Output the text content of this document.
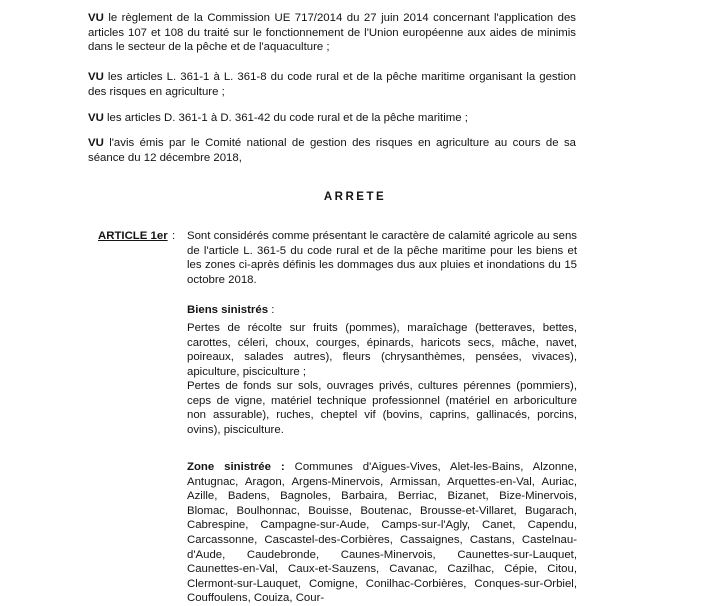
VU le règlement de la Commission UE 717/2014 du 27 juin 2014 concernant l'application des articles 107 et 108 du traité sur le fonctionnement de l'Union européenne aux aides de minimis dans le secteur de la pêche et de l'aquaculture ;

VU les articles L. 361-1 à L. 361-8 du code rural et de la pêche maritime organisant la gestion des risques en agriculture ;

VU les articles D. 361-1 à D. 361-42 du code rural et de la pêche maritime ;

VU l'avis émis par le Comité national de gestion des risques en agriculture au cours de sa séance du 12 décembre 2018,

ARRETE
ARTICLE 1er : Sont considérés comme présentant le caractère de calamité agricole au sens de l'article L. 361-5 du code rural et de la pêche maritime pour les biens et les zones ci-après définis les dommages dus aux pluies et inondations du 15 octobre 2018.

Biens sinistrés :

Pertes de récolte sur fruits (pommes), maraîchage (betteraves, bettes, carottes, céleri, choux, courges, épinards, haricots secs, mâche, navet, poireaux, salades autres), fleurs (chrysanthèmes, pensées, vivaces), apiculture, pisciculture ;

Pertes de fonds sur sols, ouvrages privés, cultures pérennes (pommiers), ceps de vigne, matériel technique professionnel (matériel en arboriculture non assurable), ruches, cheptel vif (bovins, caprins, gallinacés, porcins, ovins), pisciculture.

Zone sinistrée : Communes d'Aigues-Vives, Alet-les-Bains, Alzonne, Antugnac, Aragon, Argens-Minervois, Armissan, Arquettes-en-Val, Auriac, Azille, Badens, Bagnoles, Barbaira, Berriac, Bizanet, Bize-Minervois, Blomac, Boulhonnac, Bouisse, Boutenac, Brousse-et-Villaret, Bugarach, Cabrespine, Campagne-sur-Aude, Camps-sur-l'Agly, Canet, Capendu, Carcassonne, Cascastel-des-Corbières, Cassaignes, Castans, Castelnau-d'Aude, Caudebronde, Caunes-Minervois, Caunettes-sur-Lauquet, Caunettes-en-Val, Caux-et-Sauzens, Cavanac, Cazilhac, Cépie, Citou, Clermont-sur-Lauquet, Comigne, Conilhac-Corbières, Conques-sur-Orbiel, Couffoulens, Couiza, Cour-
